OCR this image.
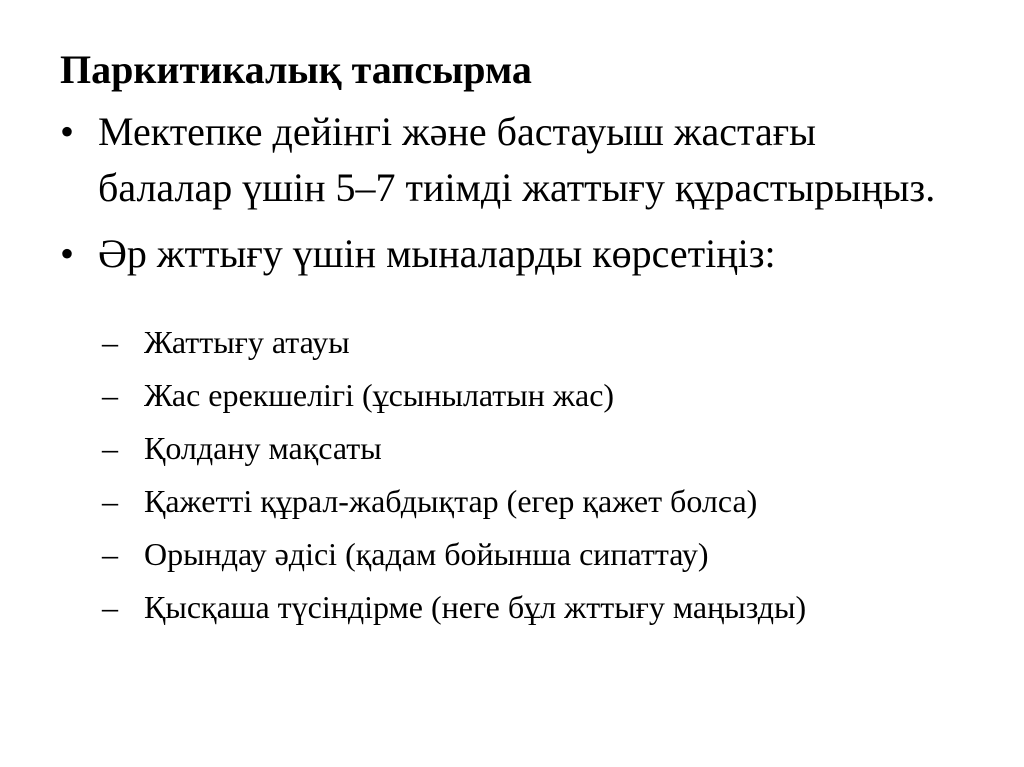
Паркитикалық тапсырма
• Мектепке дейінгі және бастауыш жастағы балалар үшін 5–7 тиімді жаттығу құрастырыңыз.
• Әр жттығу үшін мыналарды көрсетіңіз:
– Жаттығу атауы
– Жас ерекшелігі (ұсынылатын жас)
– Қолдану мақсаты
– Қажетті құрал-жабдықтар (егер қажет болса)
– Орындау әдісі (қадам бойынша сипаттау)
– Қысқаша түсіндірме (неге бұл жттығу маңызды)
